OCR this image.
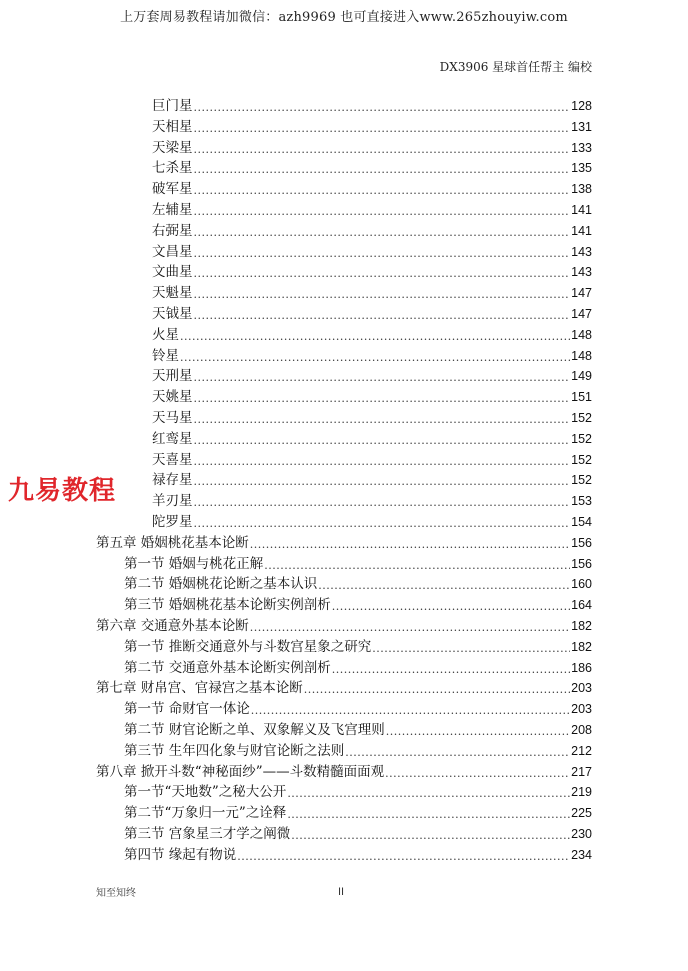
上万套周易教程请加微信：azh9969 也可直接进入www.265zhouyiw.com
DX3906 星球首任帮主 编校
九易教程
巨门星 .....	128
天相星 .....	131
天梁星 .....	133
七杀星 .....	135
破军星 .....	138
左辅星 .....	141
右弼星 .....	141
文昌星 .....	143
文曲星 .....	143
天魁星 .....	147
天钺星 .....	147
火星 .....	148
铃星 .....	148
天刑星 .....	149
天姚星 .....	151
天马星 .....	152
红鸾星 .....	152
天喜星 .....	152
禄存星 .....	152
羊刃星 .....	153
陀罗星 .....	154
第五章 婚姻桃花基本论断 .....	156
第一节 婚姻与桃花正解 .....	156
第二节 婚姻桃花论断之基本认识 .....	160
第三节 婚姻桃花基本论断实例剖析 .....	164
第六章 交通意外基本论断 .....	182
第一节 推断交通意外与斗数宫星象之研究 .....	182
第二节 交通意外基本论断实例剖析 .....	186
第七章 财帛宫、官禄宫之基本论断 .....	203
第一节 命财官一体论 .....	203
第二节 财官论断之单、双象解义及飞宫理则 .....	208
第三节 生年四化象与财官论断之法则 .....	212
第八章 掀开斗数“神秘面纱”——斗数精髓面面观 .....	217
第一节“天地数”之秘大公开 .....	219
第二节“万象归一元”之诠释 .....	225
第三节 宫象星三才学之阐微 .....	230
第四节 缘起有物说 .....	234
知至知终	II
